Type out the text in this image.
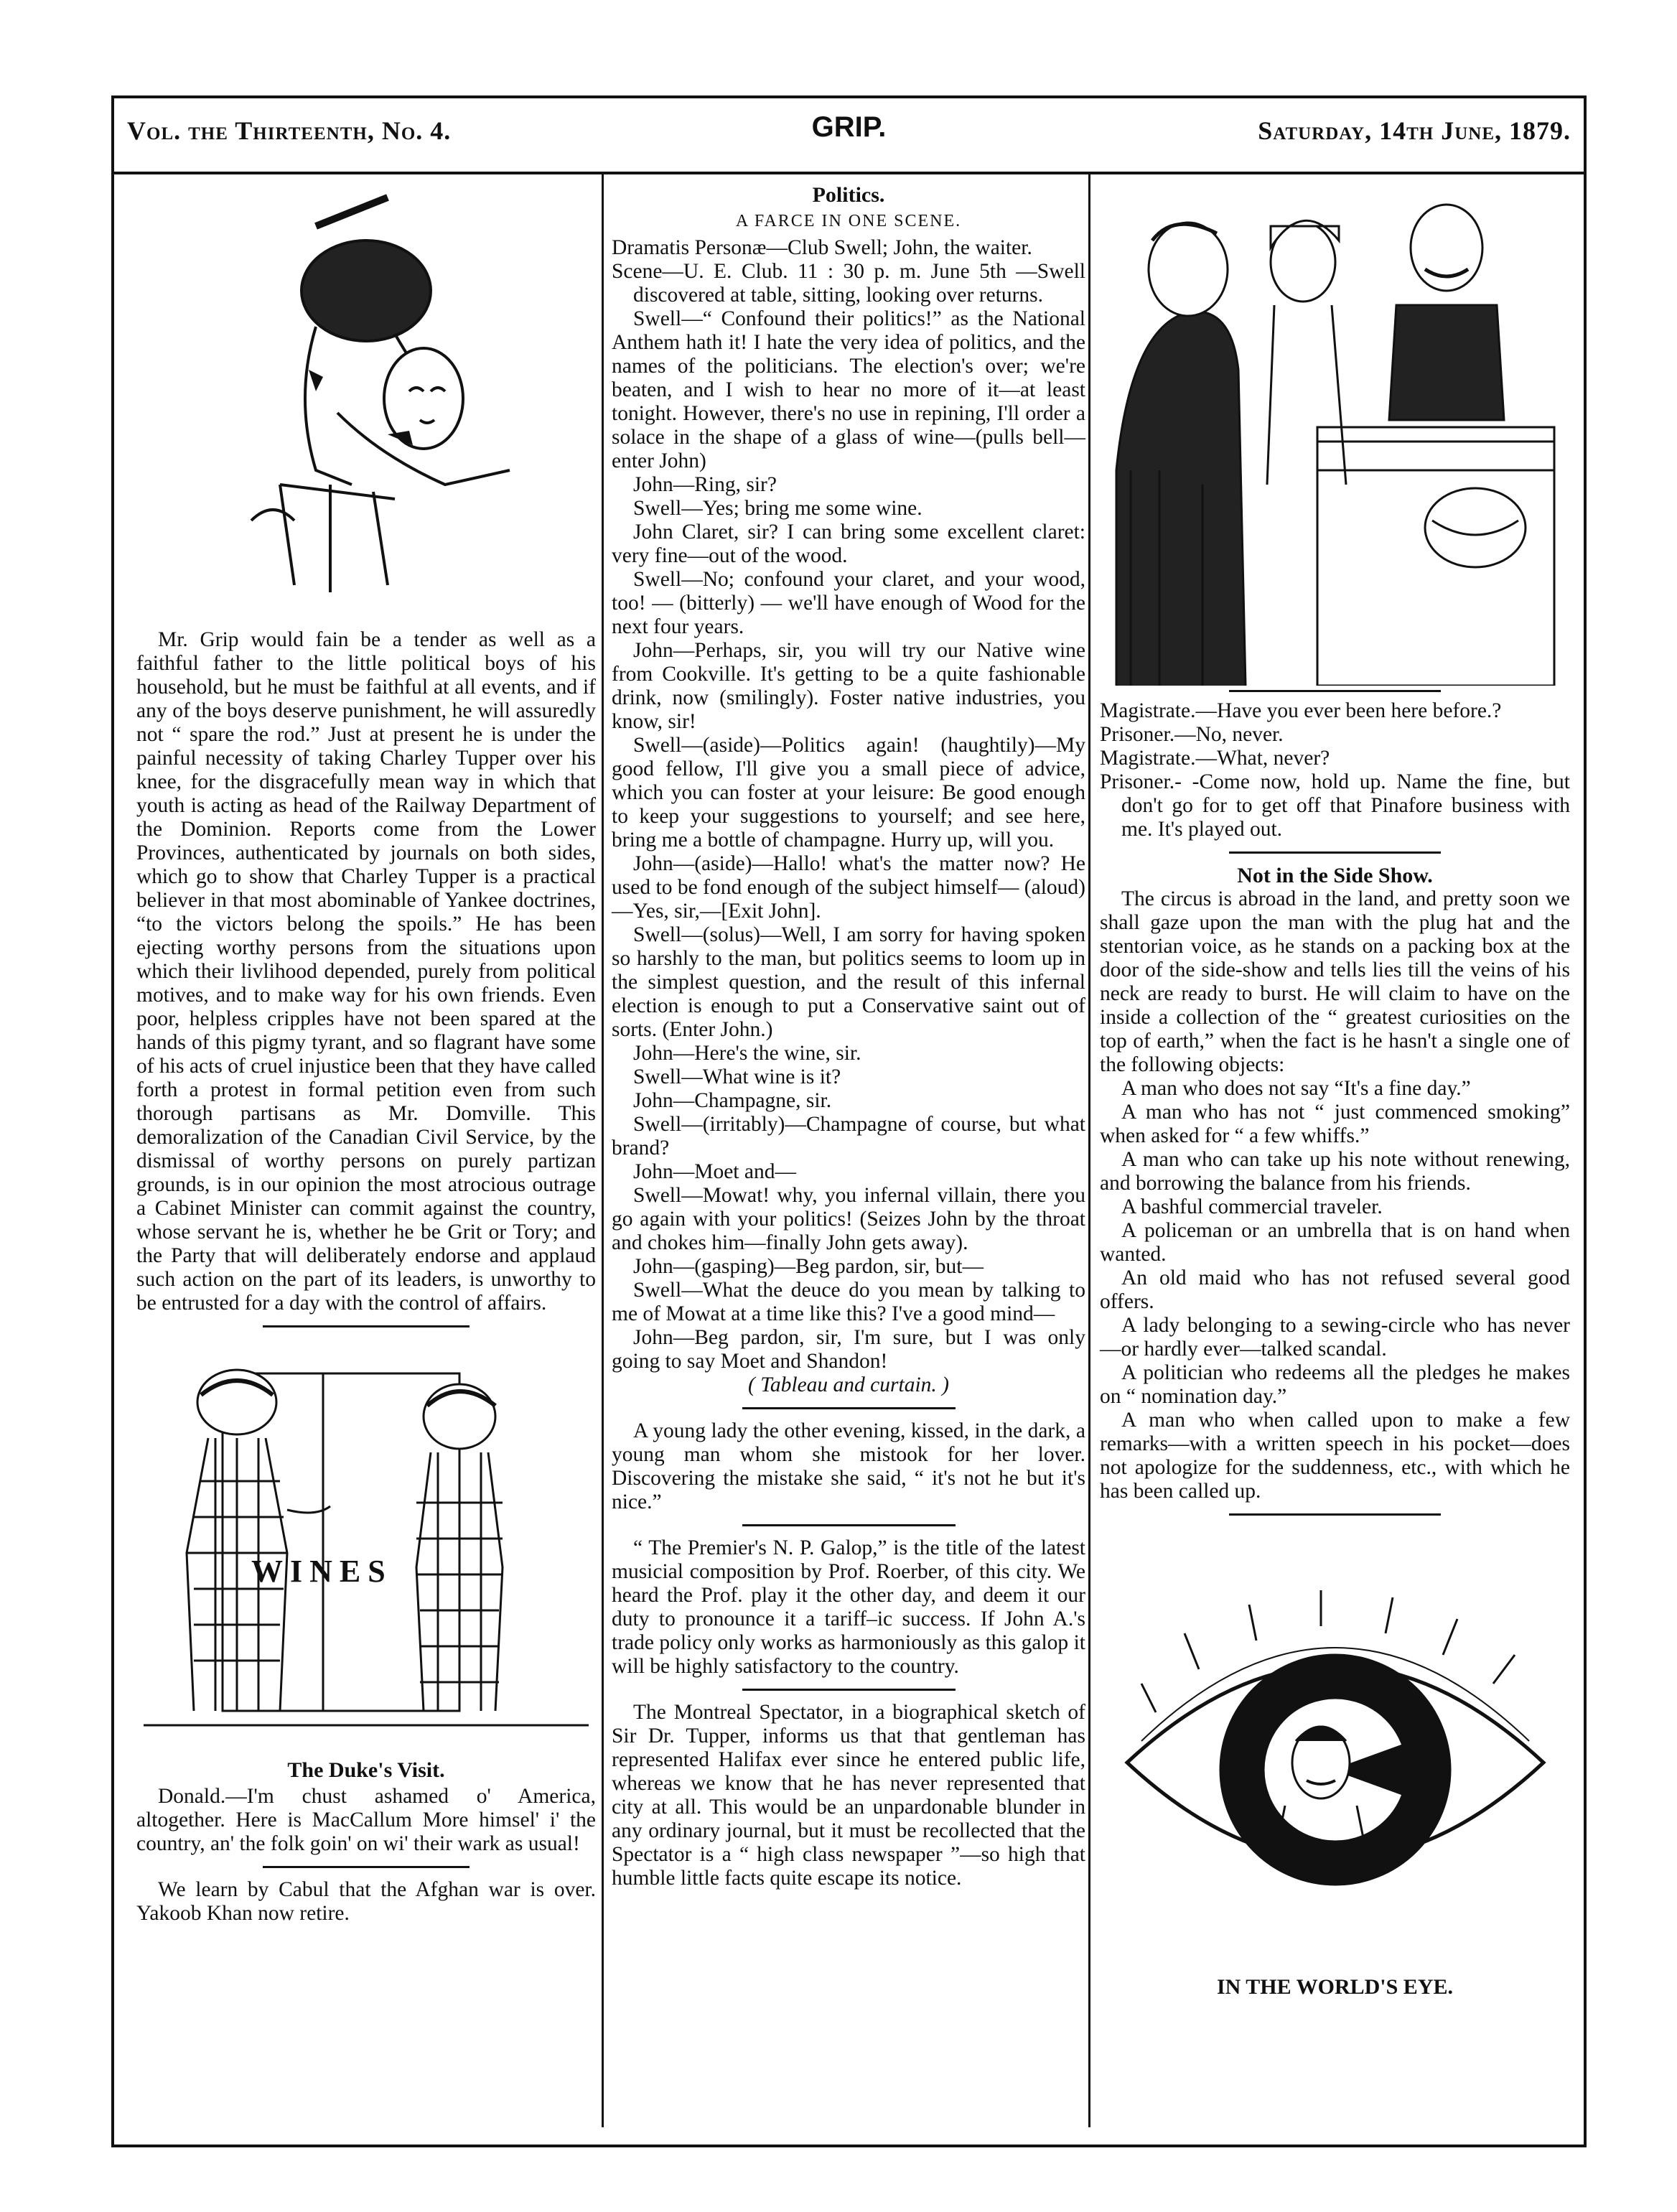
Vol. the Thirteenth, No. 4.	GRIP.	Saturday, 14th June, 1879.

Mr. Grip would fain be a tender as well as a faithful father to the little political boys of his household, but he must be faithful at all events, and if any of the boys deserve punishment, he will assuredly not “ spare the rod.” Just at present he is under the painful necessity of taking Charley Tupper over his knee, for the disgracefully mean way in which that youth is acting as head of the Railway Department of the Dominion. Reports come from the Lower Provinces, authenticated by journals on both sides, which go to show that Charley Tupper is a practical believer in that most abominable of Yankee doctrines, “to the victors belong the spoils.” He has been ejecting worthy persons from the situations upon which their livlihood depended, purely from political motives, and to make way for his own friends. Even poor, helpless cripples have not been spared at the hands of this pigmy tyrant, and so flagrant have some of his acts of cruel injustice been that they have called forth a protest in formal petition even from such thorough partisans as Mr. Domville. This demoralization of the Canadian Civil Service, by the dismissal of worthy persons on purely partizan grounds, is in our opinion the most atrocious outrage a Cabinet Minister can commit against the country, whose servant he is, whether he be Grit or Tory; and the Party that will deliberately endorse and applaud such action on the part of its leaders, is unworthy to be entrusted for a day with the control of affairs.

WINES
The Duke's Visit.

Donald.—I'm chust ashamed o' America, altogether. Here is MacCallum More himsel' i' the country, an' the folk goin' on wi' their wark as usual!

We learn by Cabul that the Afghan war is over. Yakoob Khan now retire.

Politics.
A FARCE IN ONE SCENE.

Dramatis Personæ—Club Swell; John, the waiter.

Scene—U. E. Club. 11 : 30 p. m. June 5th —Swell discovered at table, sitting, looking over returns.

Swell—“ Confound their politics!” as the National Anthem hath it! I hate the very idea of politics, and the names of the politicians. The election's over; we're beaten, and I wish to hear no more of it—at least tonight. However, there's no use in repining, I'll order a solace in the shape of a glass of wine—(pulls bell—enter John)

John—Ring, sir?

Swell—Yes; bring me some wine.

John Claret, sir? I can bring some excellent claret: very fine—out of the wood.

Swell—No; confound your claret, and your wood, too! — (bitterly) — we'll have enough of Wood for the next four years.

John—Perhaps, sir, you will try our Native wine from Cookville. It's getting to be a quite fashionable drink, now (smilingly). Foster native industries, you know, sir!

Swell—(aside)—Politics again! (haughtily)—My good fellow, I'll give you a small piece of advice, which you can foster at your leisure: Be good enough to keep your suggestions to yourself; and see here, bring me a bottle of champagne. Hurry up, will you.

John—(aside)—Hallo! what's the matter now? He used to be fond enough of the subject himself— (aloud) —Yes, sir,—[Exit John].

Swell—(solus)—Well, I am sorry for having spoken so harshly to the man, but politics seems to loom up in the simplest question, and the result of this infernal election is enough to put a Conservative saint out of sorts. (Enter John.)

John—Here's the wine, sir.

Swell—What wine is it?

John—Champagne, sir.

Swell—(irritably)—Champagne of course, but what brand?

John—Moet and—

Swell—Mowat! why, you infernal villain, there you go again with your politics! (Seizes John by the throat and chokes him—finally John gets away).

John—(gasping)—Beg pardon, sir, but—

Swell—What the deuce do you mean by talking to me of Mowat at a time like this? I've a good mind—

John—Beg pardon, sir, I'm sure, but I was only going to say Moet and Shandon!

( Tableau and curtain. )

A young lady the other evening, kissed, in the dark, a young man whom she mistook for her lover. Discovering the mistake she said, “ it's not he but it's nice.”

“ The Premier's N. P. Galop,” is the title of the latest musicial composition by Prof. Roerber, of this city. We heard the Prof. play it the other day, and deem it our duty to pronounce it a tariff–ic success. If John A.'s trade policy only works as harmoniously as this galop it will be highly satisfactory to the country.

The Montreal Spectator, in a biographical sketch of Sir Dr. Tupper, informs us that that gentleman has represented Halifax ever since he entered public life, whereas we know that he has never represented that city at all. This would be an unpardonable blunder in any ordinary journal, but it must be recollected that the Spectator is a “ high class newspaper ”—so high that humble little facts quite escape its notice.

Magistrate.—Have you ever been here before.?

Prisoner.—No, never.

Magistrate.—What, never?

Prisoner.- -Come now, hold up. Name the fine, but don't go for to get off that Pinafore business with me. It's played out.

Not in the Side Show.

The circus is abroad in the land, and pretty soon we shall gaze upon the man with the plug hat and the stentorian voice, as he stands on a packing box at the door of the side-show and tells lies till the veins of his neck are ready to burst. He will claim to have on the inside a collection of the “ greatest curiosities on the top of earth,” when the fact is he hasn't a single one of the following objects:

A man who does not say “It's a fine day.”

A man who has not “ just commenced smoking” when asked for “ a few whiffs.”

A man who can take up his note without renewing, and borrowing the balance from his friends.

A bashful commercial traveler.

A policeman or an umbrella that is on hand when wanted.

An old maid who has not refused several good offers.

A lady belonging to a sewing-circle who has never—or hardly ever—talked scandal.

A politician who redeems all the pledges he makes on “ nomination day.”

A man who when called upon to make a few remarks—with a written speech in his pocket—does not apologize for the suddenness, etc., with which he has been called up.

IN THE WORLD'S EYE.
